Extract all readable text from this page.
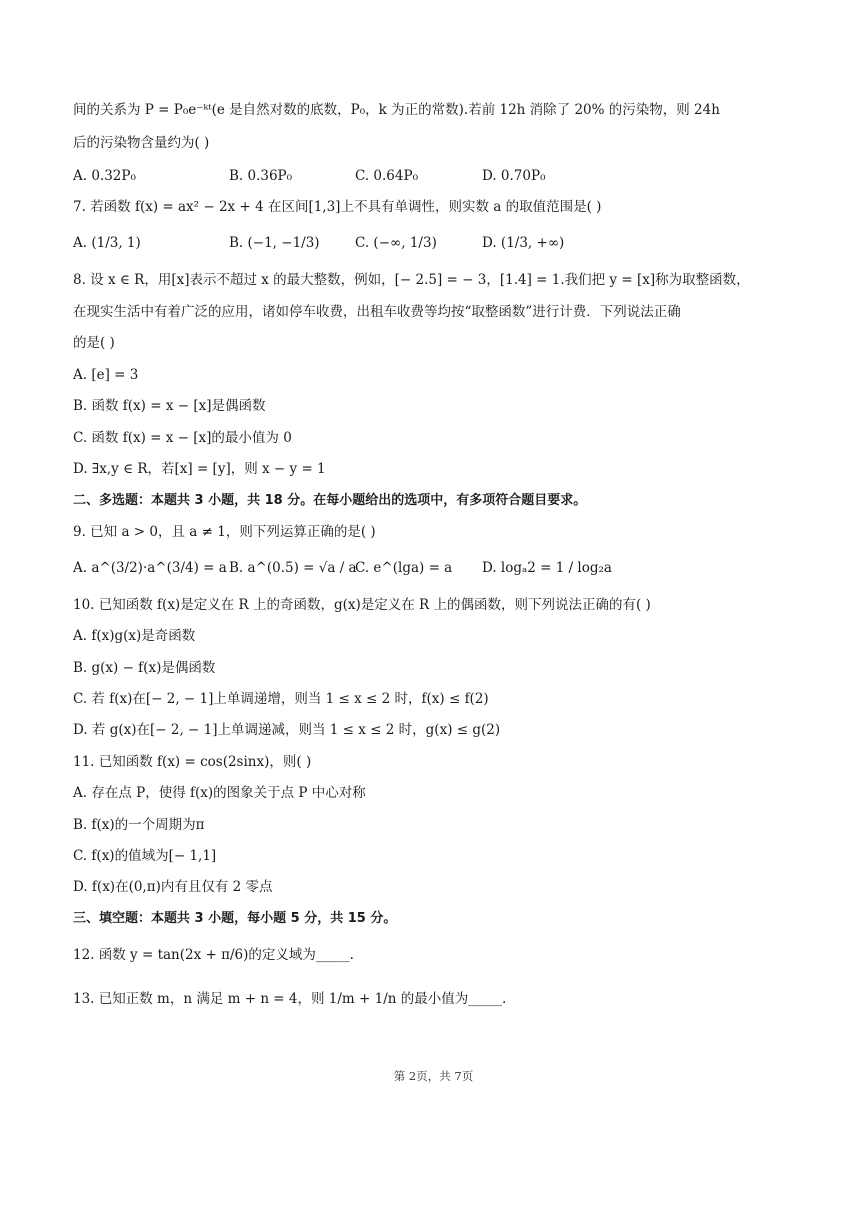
间的关系为 P = P₀e⁻ᵏᵗ(e 是自然对数的底数，P₀，k 为正的常数).若前 12h 消除了 20% 的污染物，则 24h
后的污染物含量约为( )
A. 0.32P₀	B. 0.36P₀	C. 0.64P₀	D. 0.70P₀
7. 若函数 f(x) = ax² − 2x + 4 在区间[1,3]上不具有单调性，则实数 a 的取值范围是( )
A. (1/3, 1)	B. (−1, −1/3)	C. (−∞, 1/3)	D. (1/3, +∞)
8. 设 x ∈ R，用[x]表示不超过 x 的最大整数，例如，[− 2.5] = − 3，[1.4] = 1.我们把 y = [x]称为取整函数，
在现实生活中有着广泛的应用，诸如停车收费，出租车收费等均按“取整函数”进行计费．下列说法正确
的是( )
A. [e] = 3
B. 函数 f(x) = x − [x]是偶函数
C. 函数 f(x) = x − [x]的最小值为 0
D. ∃x,y ∈ R，若[x] = [y]，则 x − y = 1
二、多选题：本题共 3 小题，共 18 分。在每小题给出的选项中，有多项符合题目要求。
9. 已知 a > 0，且 a ≠ 1，则下列运算正确的是( )
A. a^(3/2)·a^(3/4) = a B. a^(0.5) = √a / a
C. e^(lga) = a D. logₐ2 = 1 / log₂a
10. 已知函数 f(x)是定义在 R 上的奇函数，g(x)是定义在 R 上的偶函数，则下列说法正确的有( )
A. f(x)g(x)是奇函数
B. g(x) − f(x)是偶函数
C. 若 f(x)在[− 2, − 1]上单调递增，则当 1 ≤ x ≤ 2 时，f(x) ≤ f(2)
D. 若 g(x)在[− 2, − 1]上单调递减，则当 1 ≤ x ≤ 2 时，g(x) ≤ g(2)
11. 已知函数 f(x) = cos(2sinx)，则( )
A. 存在点 P，使得 f(x)的图象关于点 P 中心对称
B. f(x)的一个周期为π
C. f(x)的值域为[− 1,1]
D. f(x)在(0,π)内有且仅有 2 零点
三、填空题：本题共 3 小题，每小题 5 分，共 15 分。
12. 函数 y = tan(2x + π/6)的定义域为_____.
13. 已知正数 m，n 满足 m + n = 4，则 1/m + 1/n 的最小值为_____.
第 2页，共 7页
